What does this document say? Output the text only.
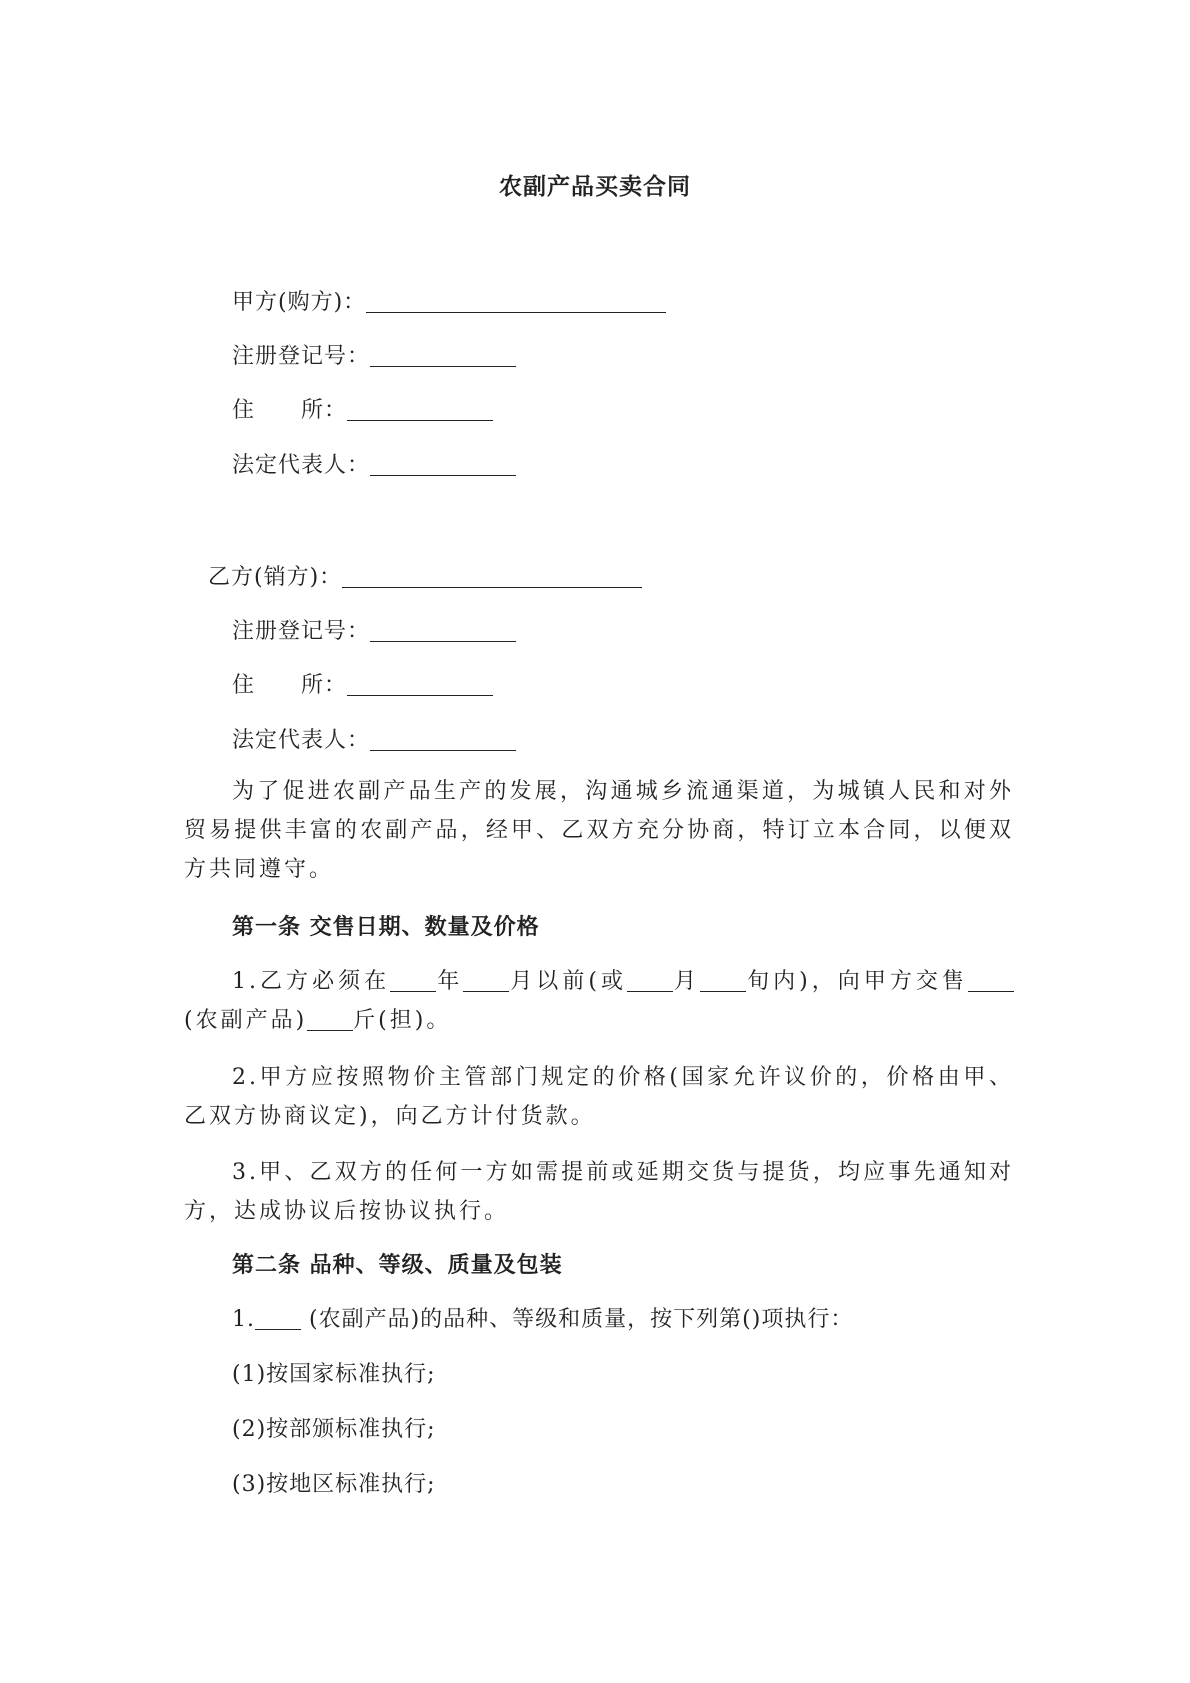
农副产品买卖合同
甲方(购方)：
注册登记号：
住　　所：
法定代表人：
乙方(销方)：
注册登记号：
住　　所：
法定代表人：

为了促进农副产品生产的发展，沟通城乡流通渠道，为城镇人民和对外贸易提供丰富的农副产品，经甲、乙双方充分协商，特订立本合同，以便双方共同遵守。

第一条 交售日期、数量及价格

1.乙方必须在 年 月以前(或 月 旬内)，向甲方交售(农副产品) 斤(担)。

2.甲方应按照物价主管部门规定的价格(国家允许议价的，价格由甲、乙双方协商议定)，向乙方计付货款。

3.甲、乙双方的任何一方如需提前或延期交货与提货，均应事先通知对方，达成协议后按协议执行。

第二条 品种、等级、质量及包装
1. (农副产品)的品种、等级和质量，按下列第()项执行：
(1)按国家标准执行;
(2)按部颁标准执行;
(3)按地区标准执行;
